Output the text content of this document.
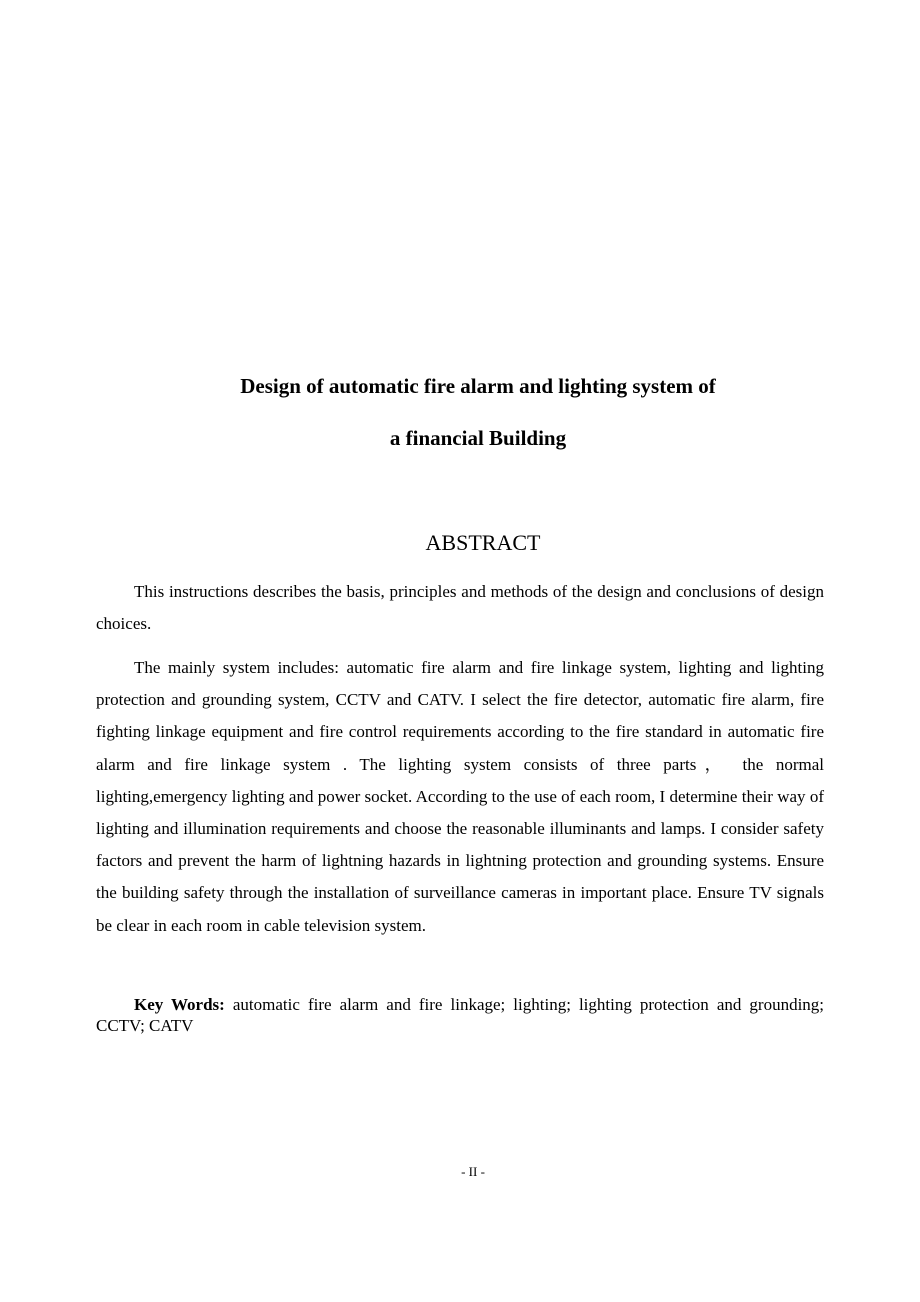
Design of automatic fire alarm and lighting system of
a financial Building
ABSTRACT

This instructions describes the basis, principles and methods of the design and conclusions of design choices.

The mainly system includes: automatic fire alarm and fire linkage system, lighting and lighting protection and grounding system, CCTV and CATV. I select the fire detector, automatic fire alarm, fire fighting linkage equipment and fire control requirements according to the fire standard in automatic fire alarm and fire linkage system . The lighting system consists of three parts， the normal lighting,emergency lighting and power socket. According to the use of each room, I determine their way of lighting and illumination requirements and choose the reasonable illuminants and lamps. I consider safety factors and prevent the harm of lightning hazards in lightning protection and grounding systems. Ensure the building safety through the installation of surveillance cameras in important place. Ensure TV signals be clear in each room in cable television system.

Key Words: automatic fire alarm and fire linkage; lighting; lighting protection and grounding; CCTV; CATV

- II -
